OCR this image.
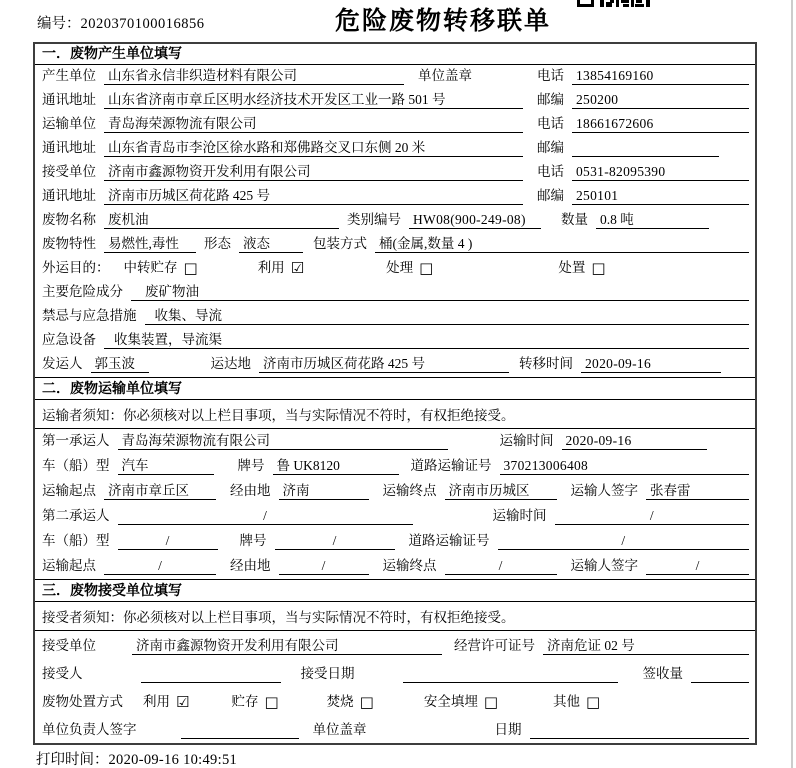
编号：2020370100016856	危险废物转移联单
一．废物产生单位填写
产生单位 山东省永信非织造材料有限公司	单位盖章	电话 13854169160
通讯地址 山东省济南市章丘区明水经济技术开发区工业一路 501 号	邮编 250200
运输单位 青岛海荣源物流有限公司	电话 18661672606
通讯地址 山东省青岛市李沧区徐水路和郑佛路交叉口东侧 20 米	邮编
接受单位 济南市鑫源物资开发利用有限公司	电话 0531-82095390
通讯地址 济南市历城区荷花路 425 号	邮编 250101
废物名称 废机油	类别编号 HW08(900-249-08)	数量 0.8 吨
废物特性 易燃性,毒性	形态 液态	包装方式 桶(金属,数量 4 )
外运目的： 中转贮存 □	利用 ☑	处理 □	处置 □
主要危险成分	废矿物油
禁忌与应急措施	收集、导流
应急设备	收集装置，导流渠
发运人 郭玉波	运达地 济南市历城区荷花路 425 号	转移时间 2020-09-16
二．废物运输单位填写
运输者须知：你必须核对以上栏目事项，当与实际情况不符时，有权拒绝接受。
第一承运人 青岛海荣源物流有限公司	运输时间 2020-09-16
车（船）型 汽车	牌号 鲁 UK8120	道路运输证号 370213006408
运输起点 济南市章丘区	经由地 济南	运输终点 济南市历城区	运输人签字 张春雷
第二承运人	/	运输时间	/
车（船）型	/	牌号	/	道路运输证号	/
运输起点	/	经由地	/	运输终点	/	运输人签字	/
三．废物接受单位填写
接受者须知：你必须核对以上栏目事项，当与实际情况不符时，有权拒绝接受。
接受单位	济南市鑫源物资开发利用有限公司	经营许可证号 济南危证 02 号
接受人	接受日期	签收量
废物处置方式 利用 ☑	贮存 □	焚烧 □	安全填埋 □	其他 □
单位负责人签字	单位盖章	日期
打印时间：2020-09-16 10:49:51
